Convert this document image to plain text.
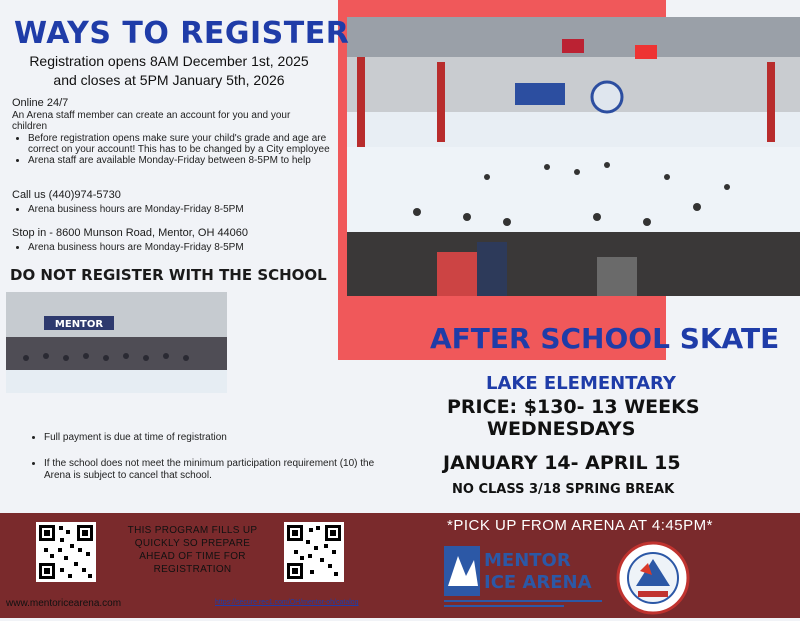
WAYS TO REGISTER
Registration opens 8AM December 1st, 2025
and closes at 5PM January 5th, 2026
Online 24/7
An Arena staff member can create an account for you and your children
• Before registration opens make sure your child's grade and age are correct on your account! This has to be changed by a City employee
• Arena staff are available Monday-Friday between 8-5PM to help
Call us (440)974-5730
• Arena business hours are Monday-Friday 8-5PM
Stop in - 8600 Munson Road, Mentor, OH 44060
• Arena business hours are Monday-Friday 8-5PM
DO NOT REGISTER WITH THE SCHOOL
MENTOR
• Full payment is due at time of registration
• If the school does not meet the minimum participation requirement (10) the Arena is subject to cancel that school.
AFTER SCHOOL SKATE
LAKE ELEMENTARY
PRICE: $130- 13 WEEKS
WEDNESDAYS
JANUARY 14- APRIL 15
NO CLASS 3/18 SPRING BREAK
THIS PROGRAM FILLS UP QUICKLY SO PREPARE AHEAD OF TIME FOR REGISTRATION
*PICK UP FROM ARENA AT 4:45PM*
MENTOR
ICE ARENA
www.mentoricearena.com	https://secure.rec1.com/OH/mentor-oh/catalog
